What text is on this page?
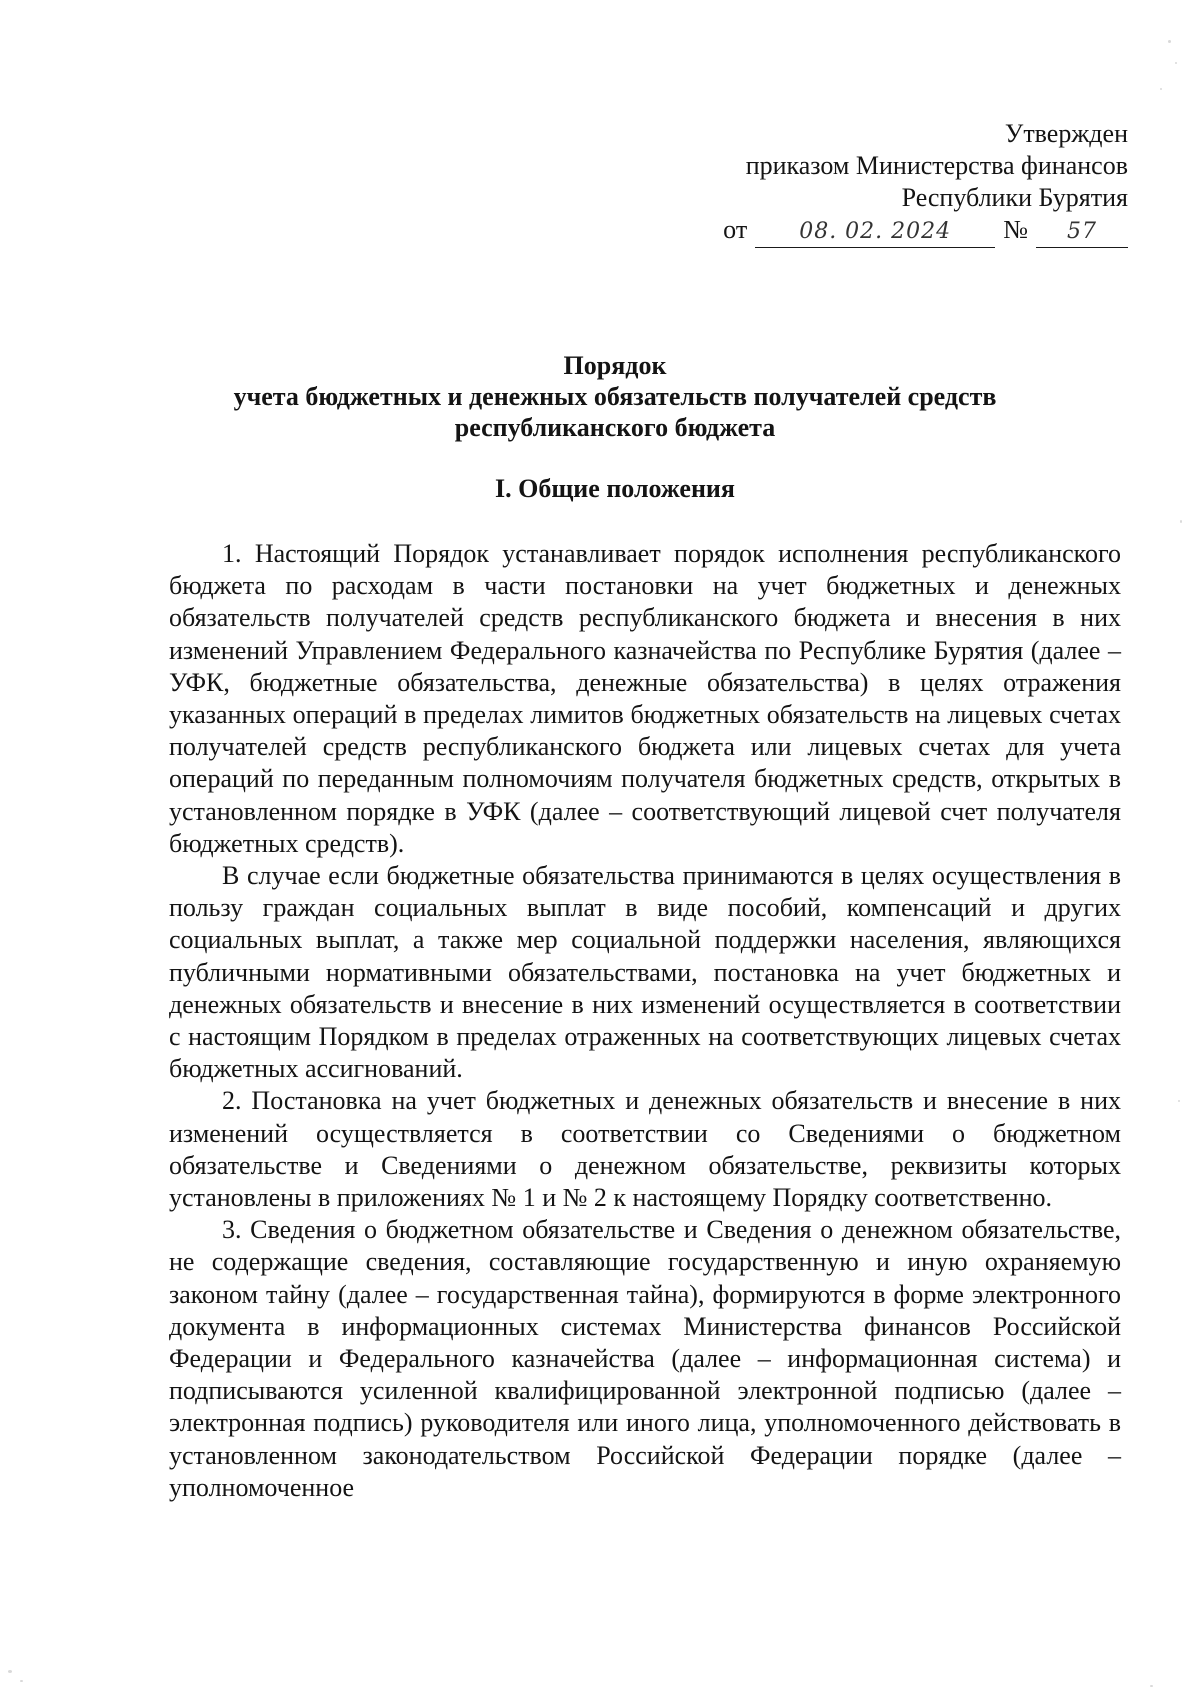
Утвержден
приказом Министерства финансов
Республики Бурятия
от	08. 02. 2024	№	57
Порядок
учета бюджетных и денежных обязательств получателей средств
республиканского бюджета
I. Общие положения

1. Настоящий Порядок устанавливает порядок исполнения республиканского бюджета по расходам в части постановки на учет бюджетных и денежных обязательств получателей средств республиканского бюджета и внесения в них изменений Управлением Федерального казначейства по Республике Бурятия (далее – УФК, бюджетные обязательства, денежные обязательства) в целях отражения указанных операций в пределах лимитов бюджетных обязательств на лицевых счетах получателей средств республиканского бюджета или лицевых счетах для учета операций по переданным полномочиям получателя бюджетных средств, открытых в установленном порядке в УФК (далее – соответствующий лицевой счет получателя бюджетных средств).

В случае если бюджетные обязательства принимаются в целях осуществления в пользу граждан социальных выплат в виде пособий, компенсаций и других социальных выплат, а также мер социальной поддержки населения, являющихся публичными нормативными обязательствами, постановка на учет бюджетных и денежных обязательств и внесение в них изменений осуществляется в соответствии с настоящим Порядком в пределах отраженных на соответствующих лицевых счетах бюджетных ассигнований.

2. Постановка на учет бюджетных и денежных обязательств и внесение в них изменений осуществляется в соответствии со Сведениями о бюджетном обязательстве и Сведениями о денежном обязательстве, реквизиты которых установлены в приложениях № 1 и № 2 к настоящему Порядку соответственно.

3. Сведения о бюджетном обязательстве и Сведения о денежном обязательстве, не содержащие сведения, составляющие государственную и иную охраняемую законом тайну (далее – государственная тайна), формируются в форме электронного документа в информационных системах Министерства финансов Российской Федерации и Федерального казначейства (далее – информационная система) и подписываются усиленной квалифицированной электронной подписью (далее – электронная подпись) руководителя или иного лица, уполномоченного действовать в установленном законодательством Российской Федерации порядке (далее – уполномоченное
